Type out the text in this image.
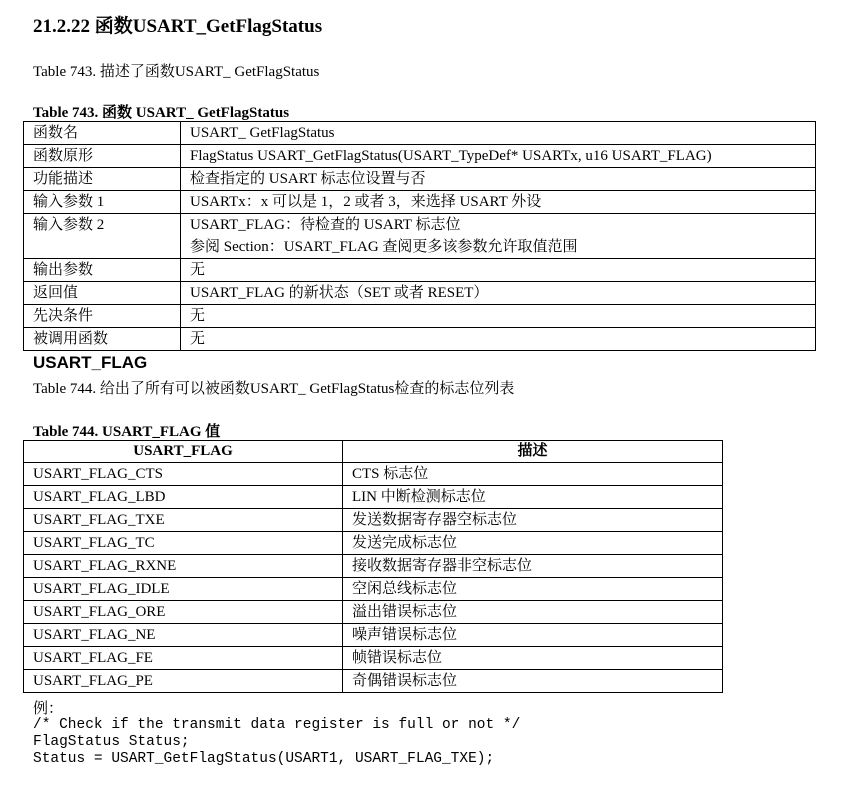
21.2.22 函数USART_GetFlagStatus
Table 743. 描述了函数USART_ GetFlagStatus
Table 743. 函数 USART_ GetFlagStatus
函数名	USART_ GetFlagStatus
函数原形	FlagStatus USART_GetFlagStatus(USART_TypeDef* USARTx, u16 USART_FLAG)
功能描述	检查指定的 USART 标志位设置与否
输入参数 1	USARTx：x 可以是 1，2 或者 3，来选择 USART 外设
输入参数 2	USART_FLAG：待检查的 USART 标志位
参阅 Section：USART_FLAG 查阅更多该参数允许取值范围

输出参数	无
返回值	USART_FLAG 的新状态（SET 或者 RESET）
先决条件	无
被调用函数	无
USART_FLAG
Table 744. 给出了所有可以被函数USART_ GetFlagStatus检查的标志位列表
Table 744. USART_FLAG 值
USART_FLAG	描述
USART_FLAG_CTS	CTS 标志位
USART_FLAG_LBD	LIN 中断检测标志位
USART_FLAG_TXE	发送数据寄存器空标志位
USART_FLAG_TC	发送完成标志位
USART_FLAG_RXNE	接收数据寄存器非空标志位
USART_FLAG_IDLE	空闲总线标志位
USART_FLAG_ORE	溢出错误标志位
USART_FLAG_NE	噪声错误标志位
USART_FLAG_FE	帧错误标志位
USART_FLAG_PE	奇偶错误标志位
例：
/* Check if the transmit data register is full or not */
FlagStatus Status;
Status = USART_GetFlagStatus(USART1, USART_FLAG_TXE);
